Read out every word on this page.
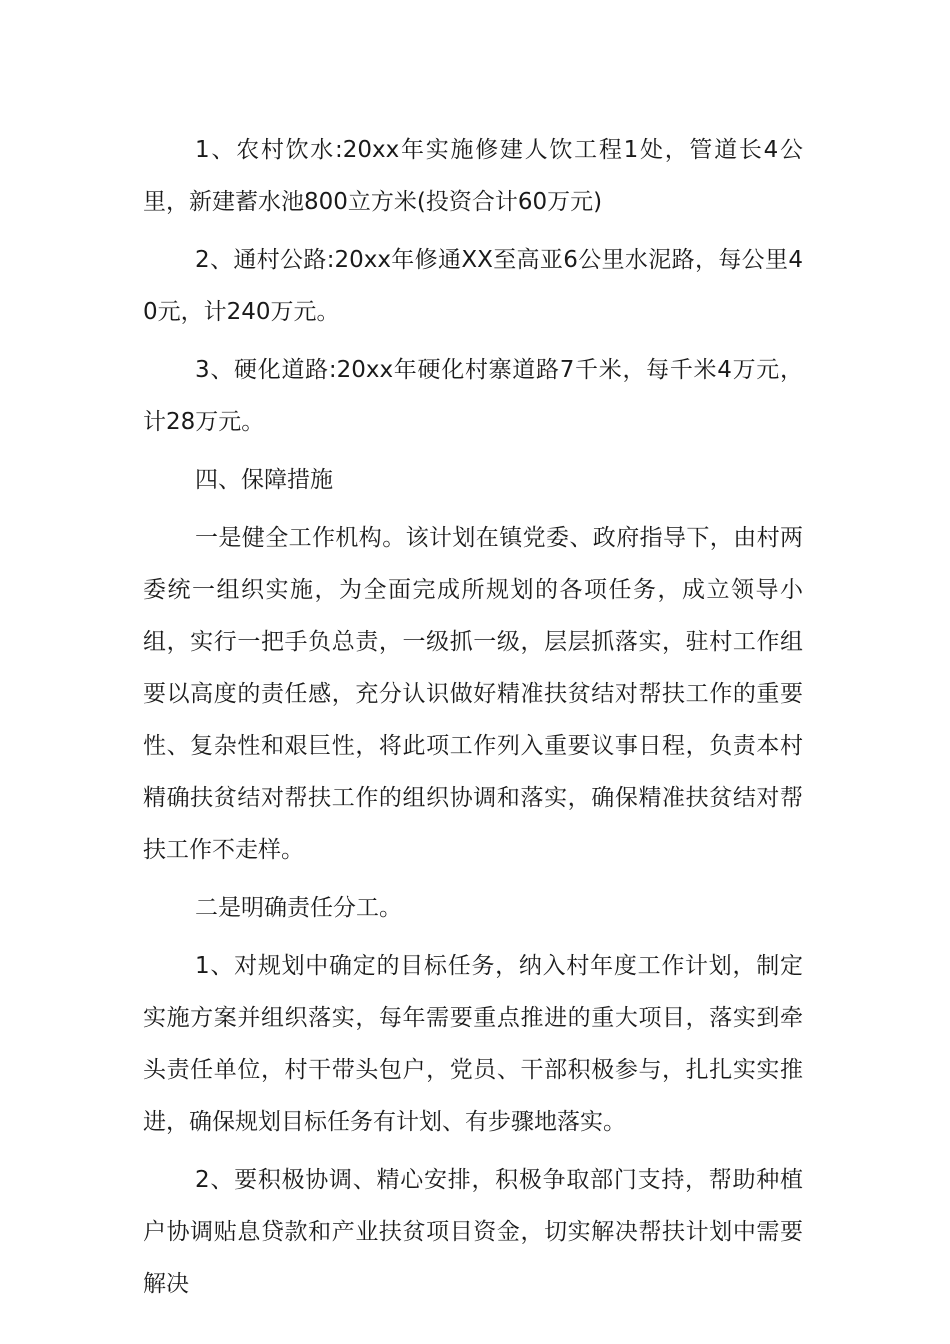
1、农村饮水:20xx年实施修建人饮工程1处，管道长4公里，新建蓄水池800立方米(投资合计60万元)

2、通村公路:20xx年修通XX至高亚6公里水泥路，每公里40元，计240万元。

3、硬化道路:20xx年硬化村寨道路7千米，每千米4万元，计28万元。

四、保障措施

一是健全工作机构。该计划在镇党委、政府指导下，由村两委统一组织实施，为全面完成所规划的各项任务，成立领导小组，实行一把手负总责，一级抓一级，层层抓落实，驻村工作组要以高度的责任感，充分认识做好精准扶贫结对帮扶工作的重要性、复杂性和艰巨性，将此项工作列入重要议事日程，负责本村精确扶贫结对帮扶工作的组织协调和落实，确保精准扶贫结对帮扶工作不走样。

二是明确责任分工。

1、对规划中确定的目标任务，纳入村年度工作计划，制定实施方案并组织落实，每年需要重点推进的重大项目，落实到牵头责任单位，村干带头包户，党员、干部积极参与，扎扎实实推进，确保规划目标任务有计划、有步骤地落实。

2、要积极协调、精心安排，积极争取部门支持，帮助种植户协调贴息贷款和产业扶贫项目资金，切实解决帮扶计划中需要解决
